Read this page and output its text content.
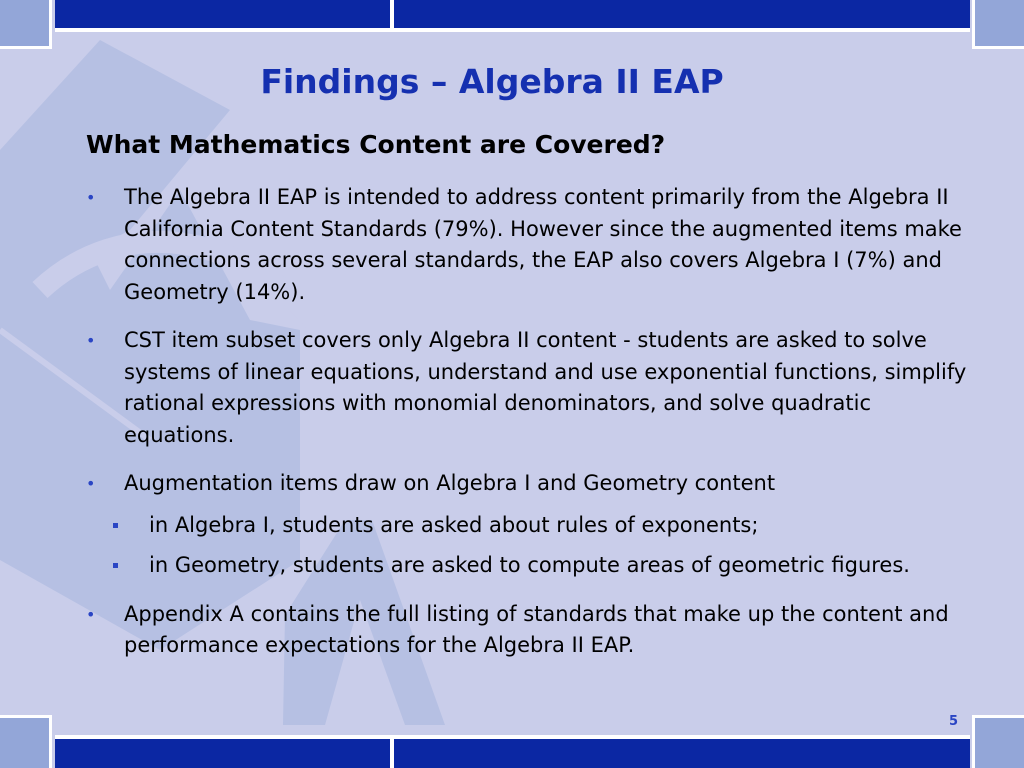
Findings – Algebra II EAP
What Mathematics Content are Covered?
• The Algebra II EAP is intended to address content primarily from the Algebra II California Content Standards (79%). However since the augmented items make connections across several standards, the EAP also covers Algebra I (7%) and Geometry (14%).
• CST item subset covers only Algebra II content - students are asked to solve systems of linear equations, understand and use exponential functions, simplify rational expressions with monomial denominators, and solve quadratic equations.
• Augmentation items draw on Algebra I and Geometry content
in Algebra I, students are asked about rules of exponents;
in Geometry, students are asked to compute areas of geometric figures.
• Appendix A contains the full listing of standards that make up the content and performance expectations for the Algebra II EAP.
5
